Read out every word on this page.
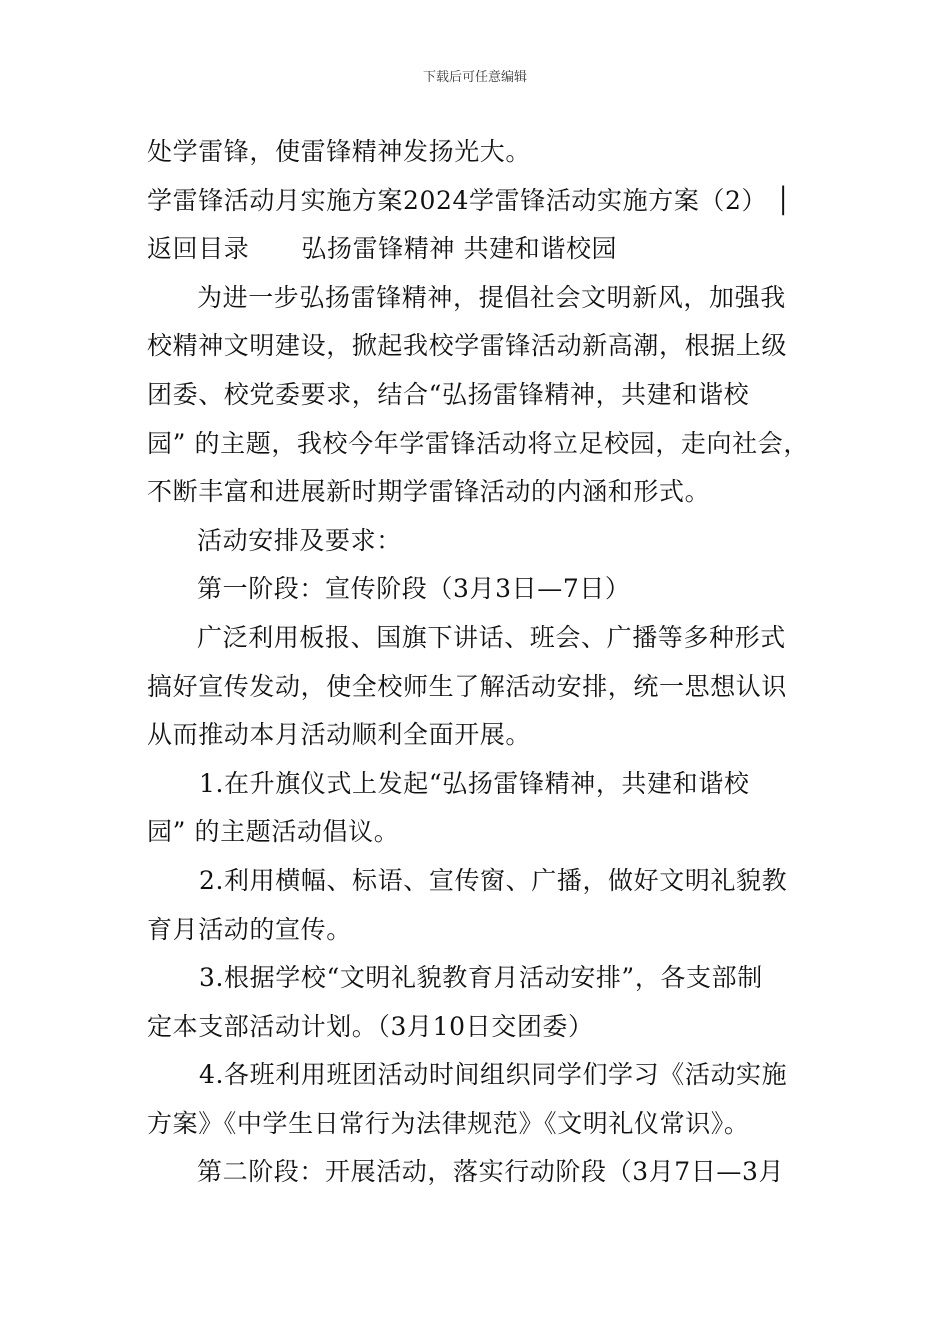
下载后可任意编辑
处学雷锋，使雷锋精神发扬光大。
学雷锋活动月实施方案2024学雷锋活动实施方案（2） │
返回目录 弘扬雷锋精神 共建和谐校园
为进一步弘扬雷锋精神，提倡社会文明新风，加强我
校精神文明建设，掀起我校学雷锋活动新高潮，根据上级
团委、校党委要求，结合“弘扬雷锋精神，共建和谐校
园” 的主题，我校今年学雷锋活动将立足校园，走向社会，
不断丰富和进展新时期学雷锋活动的内涵和形式。
活动安排及要求：
第一阶段：宣传阶段（3月3日—7日）
广泛利用板报、国旗下讲话、班会、广播等多种形式
搞好宣传发动，使全校师生了解活动安排，统一思想认识
从而推动本月活动顺利全面开展。
1.在升旗仪式上发起“弘扬雷锋精神，共建和谐校
园” 的主题活动倡议。
2.利用横幅、标语、宣传窗、广播，做好文明礼貌教
育月活动的宣传。
3.根据学校“文明礼貌教育月活动安排”，各支部制
定本支部活动计划。（3月10日交团委）
4.各班利用班团活动时间组织同学们学习《活动实施
方案》《中学生日常行为法律规范》《文明礼仪常识》。
第二阶段：开展活动，落实行动阶段（3月7日—3月
